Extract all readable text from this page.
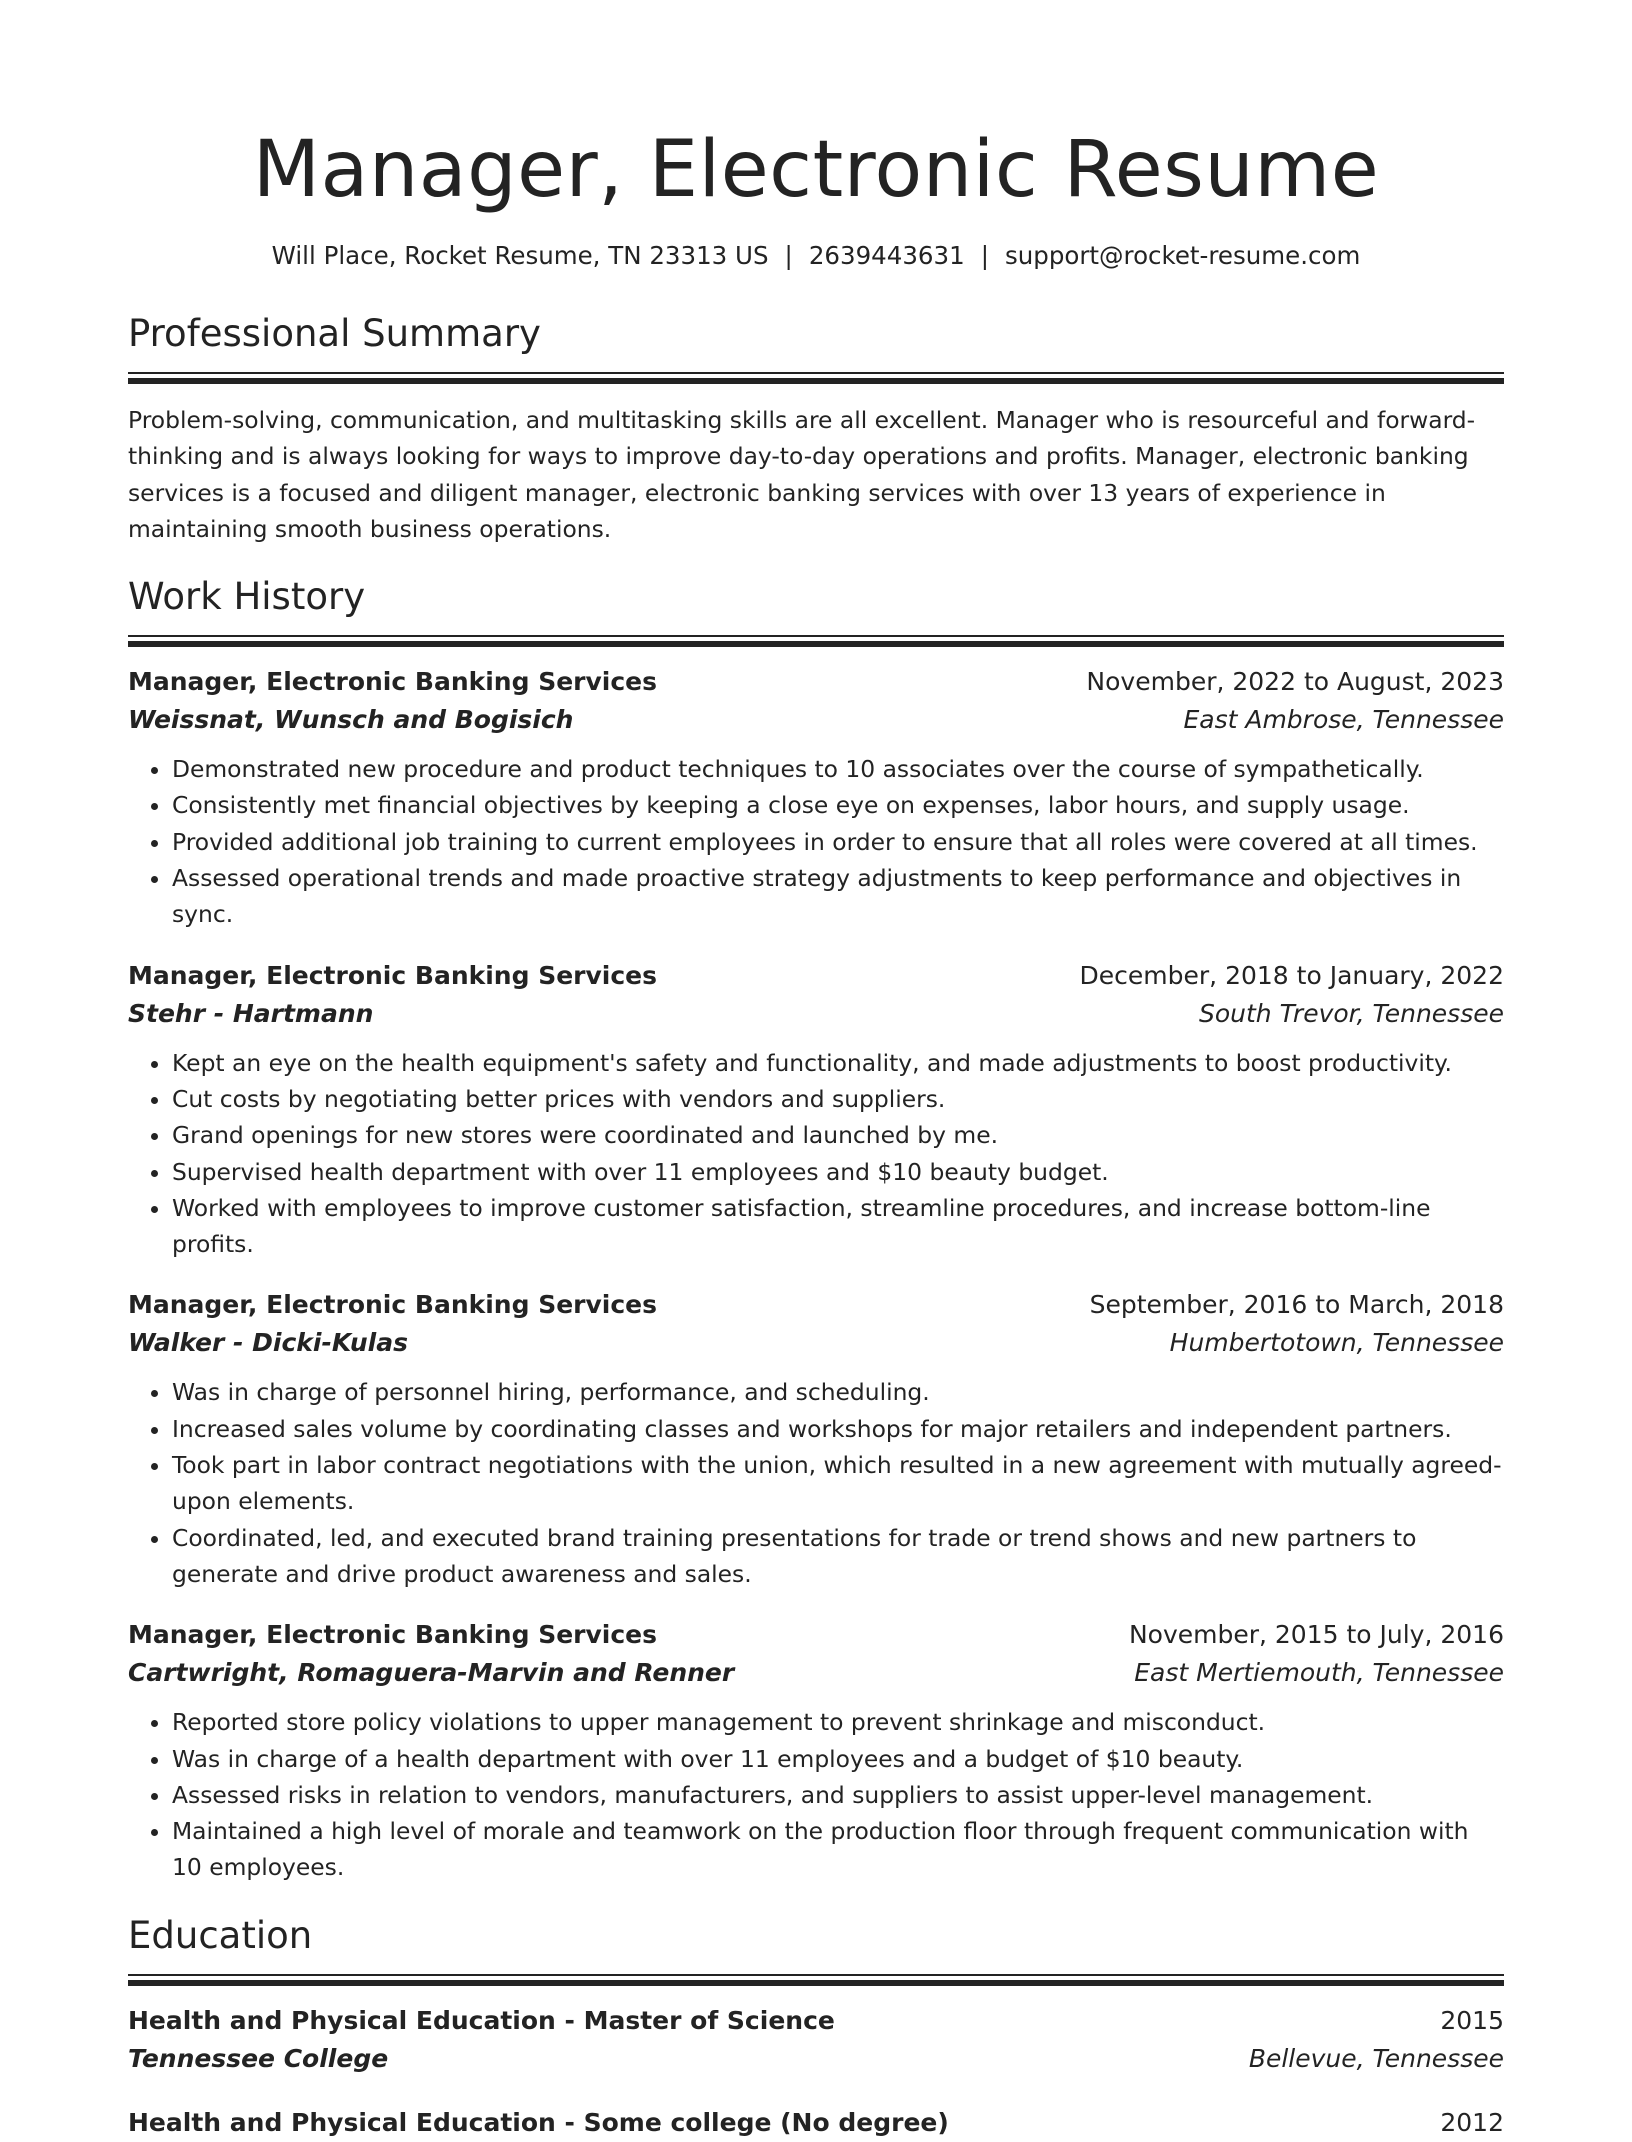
Manager, Electronic Resume
Will Place, Rocket Resume, TN 23313 US | 2639443631 | support@rocket-resume.com
Professional Summary

Problem-solving, communication, and multitasking skills are all excellent. Manager who is resourceful and forward-thinking and is always looking for ways to improve day-to-day operations and profits. Manager, electronic banking services is a focused and diligent manager, electronic banking services with over 13 years of experience in maintaining smooth business operations.

Work History
Manager, Electronic Banking Services	November, 2022 to August, 2023
Weissnat, Wunsch and Bogisich	East Ambrose, Tennessee
• Demonstrated new procedure and product techniques to 10 associates over the course of sympathetically.
• Consistently met financial objectives by keeping a close eye on expenses, labor hours, and supply usage.
• Provided additional job training to current employees in order to ensure that all roles were covered at all times.
• Assessed operational trends and made proactive strategy adjustments to keep performance and objectives in sync.
Manager, Electronic Banking Services	December, 2018 to January, 2022
Stehr - Hartmann	South Trevor, Tennessee
• Kept an eye on the health equipment's safety and functionality, and made adjustments to boost productivity.
• Cut costs by negotiating better prices with vendors and suppliers.
• Grand openings for new stores were coordinated and launched by me.
• Supervised health department with over 11 employees and $10 beauty budget.
• Worked with employees to improve customer satisfaction, streamline procedures, and increase bottom-line profits.
Manager, Electronic Banking Services	September, 2016 to March, 2018
Walker - Dicki-Kulas	Humbertotown, Tennessee
• Was in charge of personnel hiring, performance, and scheduling.
• Increased sales volume by coordinating classes and workshops for major retailers and independent partners.
• Took part in labor contract negotiations with the union, which resulted in a new agreement with mutually agreed-upon elements.
• Coordinated, led, and executed brand training presentations for trade or trend shows and new partners to generate and drive product awareness and sales.
Manager, Electronic Banking Services	November, 2015 to July, 2016
Cartwright, Romaguera-Marvin and Renner	East Mertiemouth, Tennessee
• Reported store policy violations to upper management to prevent shrinkage and misconduct.
• Was in charge of a health department with over 11 employees and a budget of $10 beauty.
• Assessed risks in relation to vendors, manufacturers, and suppliers to assist upper-level management.
• Maintained a high level of morale and teamwork on the production floor through frequent communication with 10 employees.
Education
Health and Physical Education - Master of Science	2015
Tennessee College	Bellevue, Tennessee
Health and Physical Education - Some college (No degree)	2012
